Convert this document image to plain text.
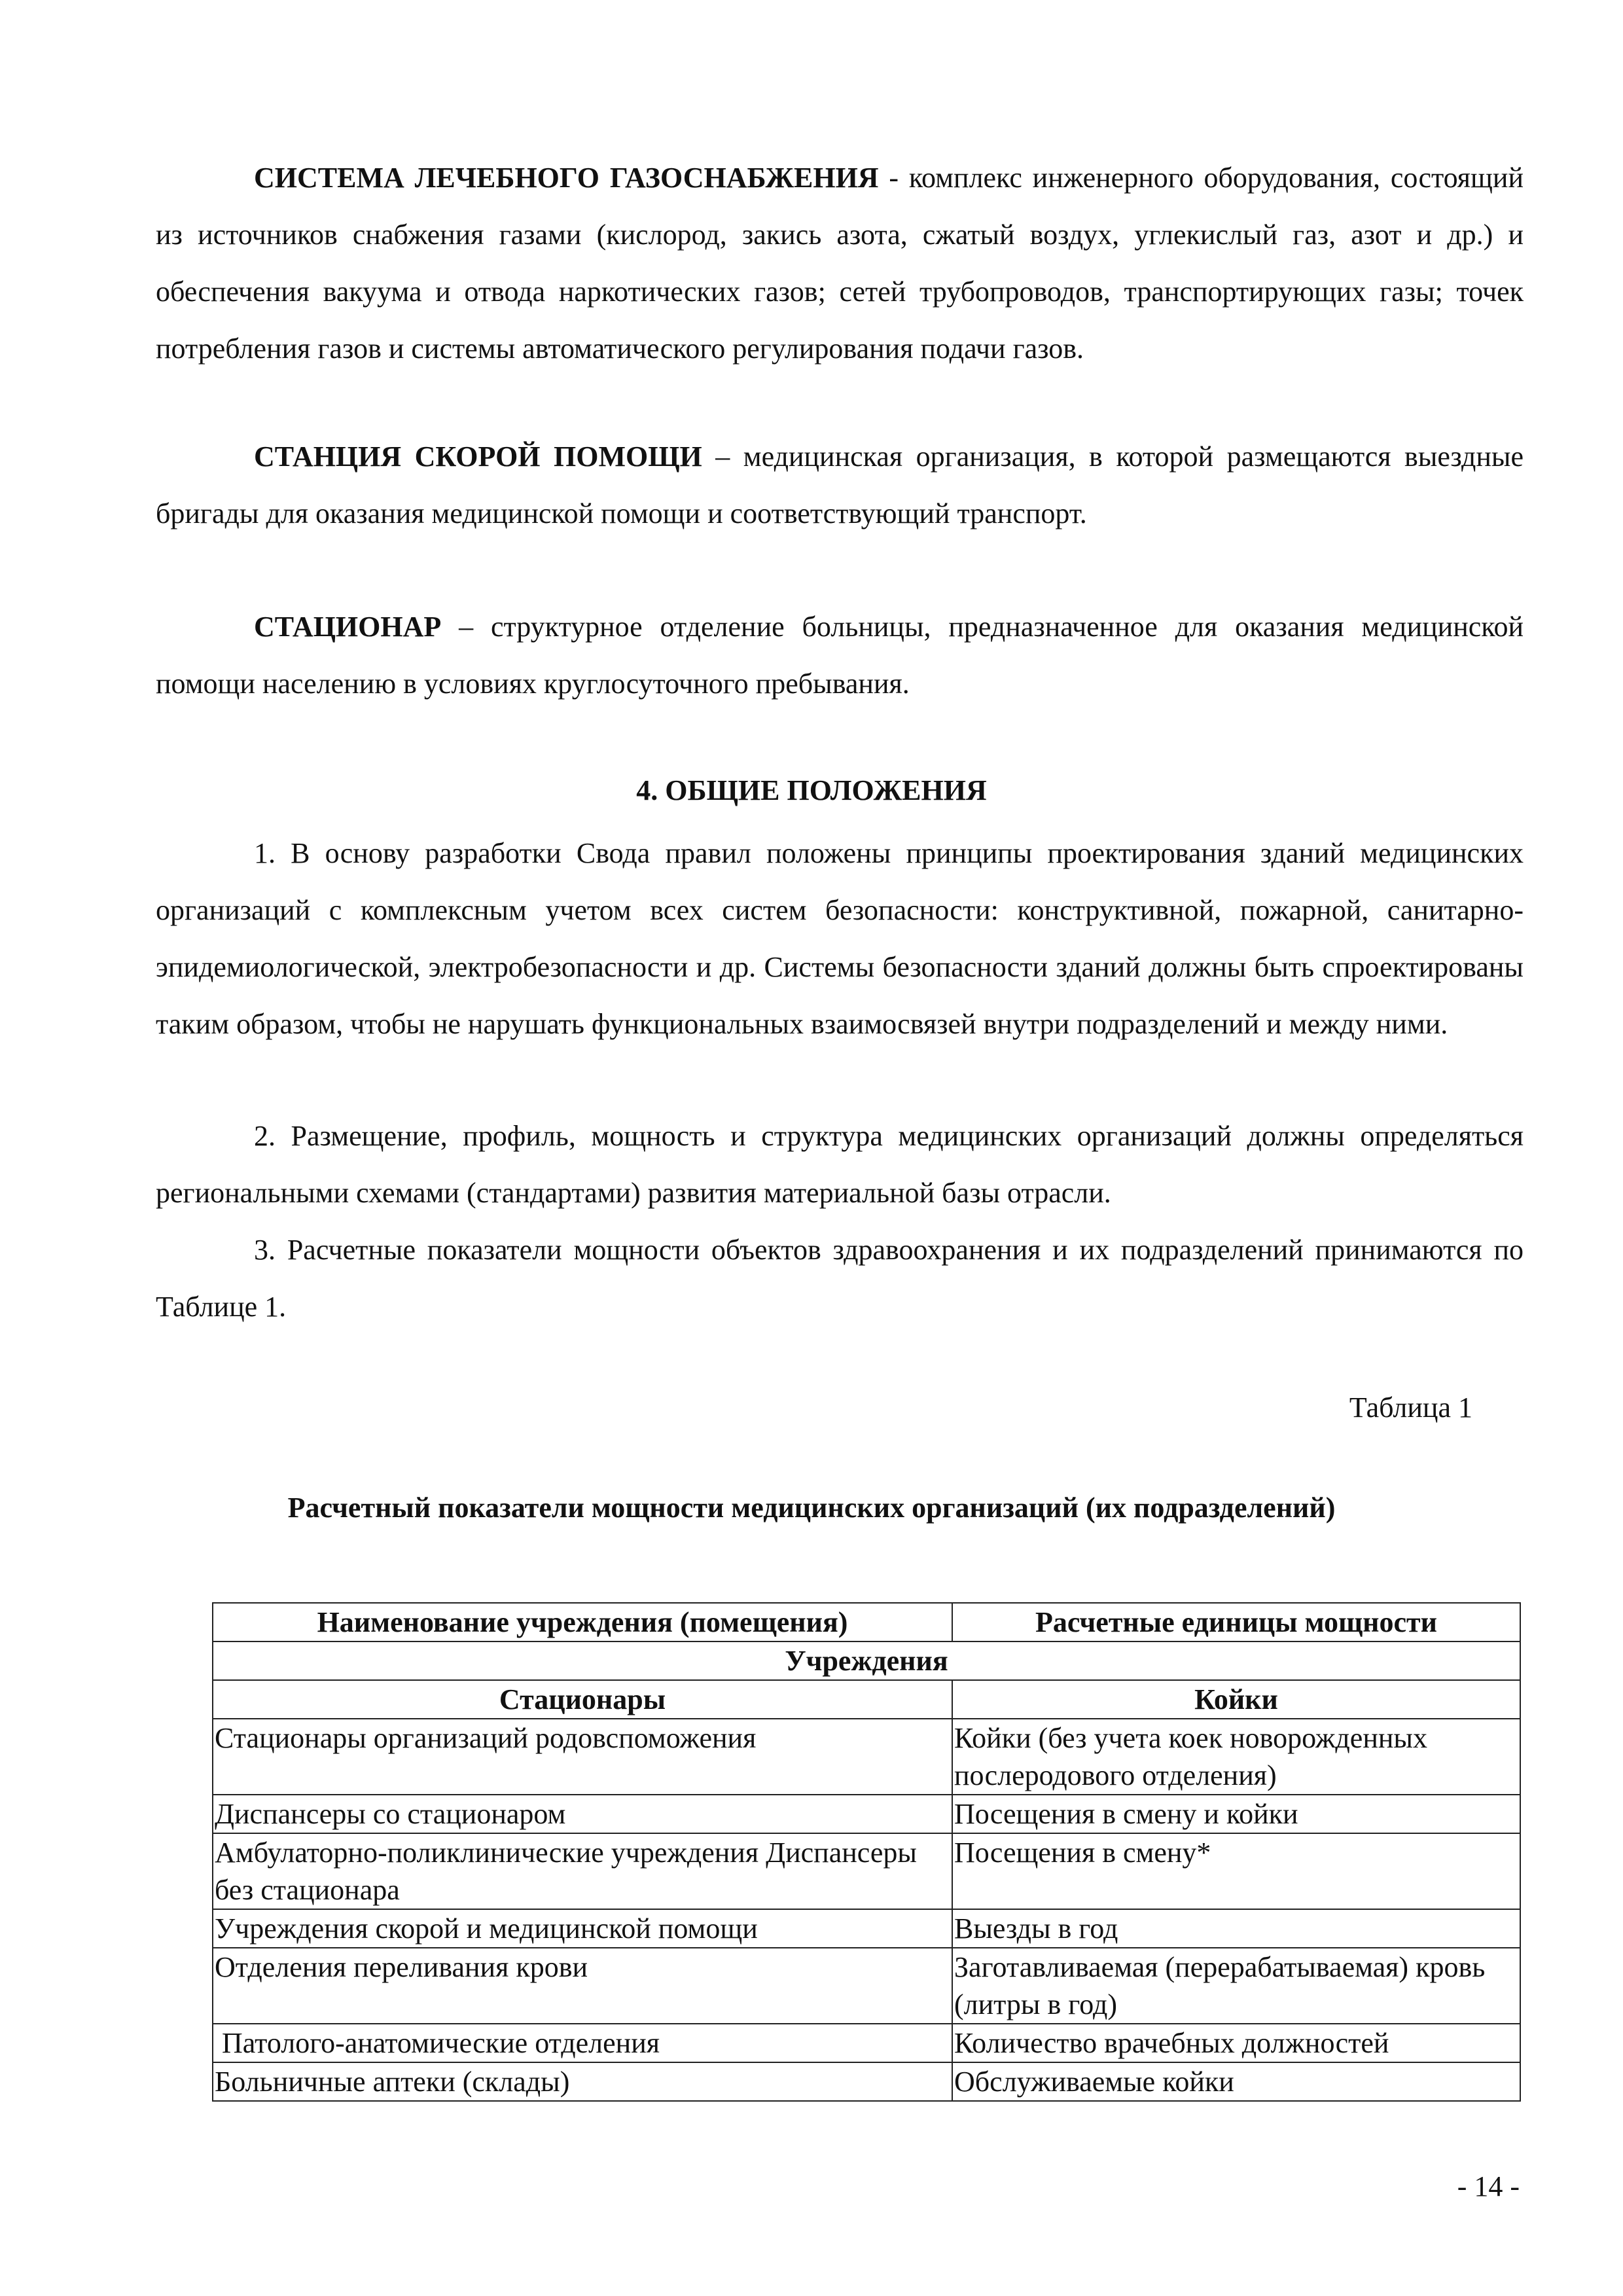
СИСТЕМА ЛЕЧЕБНОГО ГАЗОСНАБЖЕНИЯ - комплекс инженерного оборудования, состоящий из источников снабжения газами (кислород, закись азота, сжатый воздух, углекислый газ, азот и др.) и обеспечения вакуума и отвода наркотических газов; сетей трубопроводов, транспортирующих газы; точек потребления газов и системы автоматического регулирования подачи газов.

СТАНЦИЯ СКОРОЙ ПОМОЩИ – медицинская организация, в которой размещаются выездные бригады для оказания медицинской помощи и соответствующий транспорт.

СТАЦИОНАР – структурное отделение больницы, предназначенное для оказания медицинской помощи населению в условиях круглосуточного пребывания.

4. ОБЩИЕ ПОЛОЖЕНИЯ

1. В основу разработки Свода правил положены принципы проектирования зданий медицинских организаций с комплексным учетом всех систем безопасности: конструктивной, пожарной, санитарно-эпидемиологической, электробезопасности и др. Системы безопасности зданий должны быть спроектированы таким образом, чтобы не нарушать функциональных взаимосвязей внутри подразделений и между ними.

2. Размещение, профиль, мощность и структура медицинских организаций должны определяться региональными схемами (стандартами) развития материальной базы отрасли.

3. Расчетные показатели мощности объектов здравоохранения и их подразделений принимаются по Таблице 1.

Таблица 1
Расчетный показатели мощности медицинских организаций (их подразделений)
Наименование учреждения (помещения)	Расчетные единицы мощности
Учреждения	
Стационары	Койки
Стационары организаций родовспоможения	Койки (без учета коек новорожденных послеродового отделения)
Диспансеры со стационаром	Посещения в смену и койки
Амбулаторно-поликлинические учреждения Диспансеры без стационара	Посещения в смену*
Учреждения скорой и медицинской помощи	Выезды в год
Отделения переливания крови	Заготавливаемая (перерабатываемая) кровь (литры в год)
Патолого-анатомические отделения	Количество врачебных должностей
Больничные аптеки (склады)	Обслуживаемые койки
- 14 -
